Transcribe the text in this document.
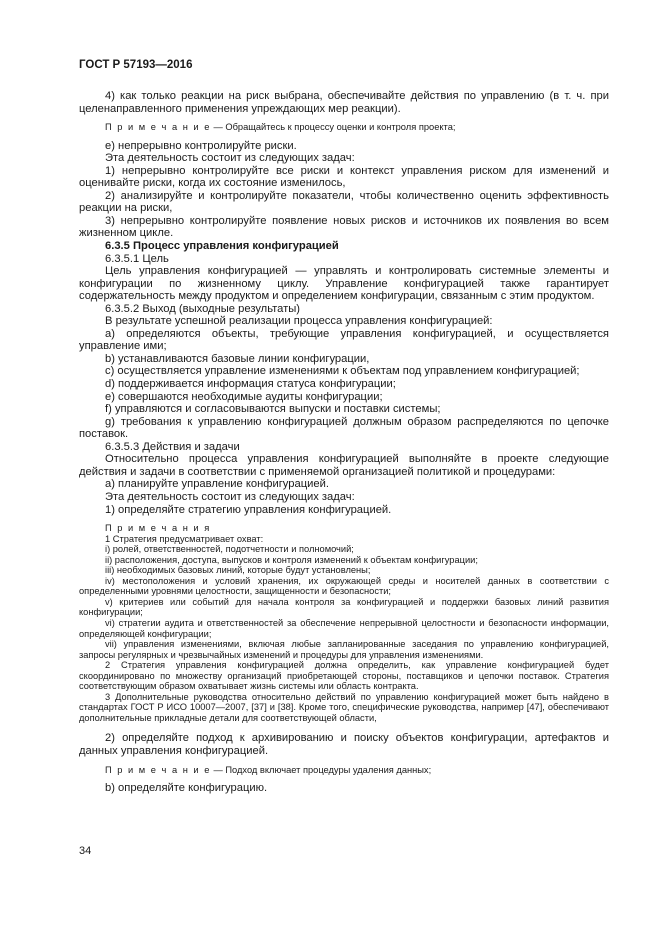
ГОСТ Р 57193—2016

4) как только реакции на риск выбрана, обеспечивайте действия по управлению (в т. ч. при целенаправленного применения упреждающих мер реакции).

П р и м е ч а н и е — Обращайтесь к процессу оценки и контроля проекта;

е) непрерывно контролируйте риски.

Эта деятельность состоит из следующих задач:

1) непрерывно контролируйте все риски и контекст управления риском для изменений и оценивайте риски, когда их состояние изменилось,

2) анализируйте и контролируйте показатели, чтобы количественно оценить эффективность реакции на риски,

3) непрерывно контролируйте появление новых рисков и источников их появления во всем жизненном цикле.

6.3.5 Процесс управления конфигурацией

6.3.5.1 Цель

Цель управления конфигурацией — управлять и контролировать системные элементы и конфигурации по жизненному циклу. Управление конфигурацией также гарантирует содержательность между продуктом и определением конфигурации, связанным с этим продуктом.

6.3.5.2 Выход (выходные результаты)

В результате успешной реализации процесса управления конфигурацией:

а) определяются объекты, требующие управления конфигурацией, и осуществляется управление ими;

b) устанавливаются базовые линии конфигурации,

с) осуществляется управление изменениями к объектам под управлением конфигурацией;

d) поддерживается информация статуса конфигурации;

е) совершаются необходимые аудиты конфигурации;

f) управляются и согласовываются выпуски и поставки системы;

g) требования к управлению конфигурацией должным образом распределяются по цепочке поставок.

6.3.5.3 Действия и задачи

Относительно процесса управления конфигурацией выполняйте в проекте следующие действия и задачи в соответствии с применяемой организацией политикой и процедурами:

а) планируйте управление конфигурацией.

Эта деятельность состоит из следующих задач:

1) определяйте стратегию управления конфигурацией.

П р и м е ч а н и я

1 Стратегия предусматривает охват:

i) ролей, ответственностей, подотчетности и полномочий;

ii) расположения, доступа, выпусков и контроля изменений к объектам конфигурации;

iii) необходимых базовых линий, которые будут установлены;

iv) местоположения и условий хранения, их окружающей среды и носителей данных в соответствии с определенными уровнями целостности, защищенности и безопасности;

v) критериев или событий для начала контроля за конфигурацией и поддержки базовых линий развития конфигурации;

vi) стратегии аудита и ответственностей за обеспечение непрерывной целостности и безопасности информации, определяющей конфигурации;

vii) управления изменениями, включая любые запланированные заседания по управлению конфигурацией, запросы регулярных и чрезвычайных изменений и процедуры для управления изменениями.

2 Стратегия управления конфигурацией должна определить, как управление конфигурацией будет скоординировано по множеству организаций приобретающей стороны, поставщиков и цепочки поставок. Стратегия соответствующим образом охватывает жизнь системы или область контракта.

3 Дополнительные руководства относительно действий по управлению конфигурацией может быть найдено в стандартах ГОСТ Р ИСО 10007—2007, [37] и [38]. Кроме того, специфические руководства, например [47], обеспечивают дополнительные прикладные детали для соответствующей области,

2) определяйте подход к архивированию и поиску объектов конфигурации, артефактов и данных управления конфигурацией.

П р и м е ч а н и е — Подход включает процедуры удаления данных;

b) определяйте конфигурацию.

34
